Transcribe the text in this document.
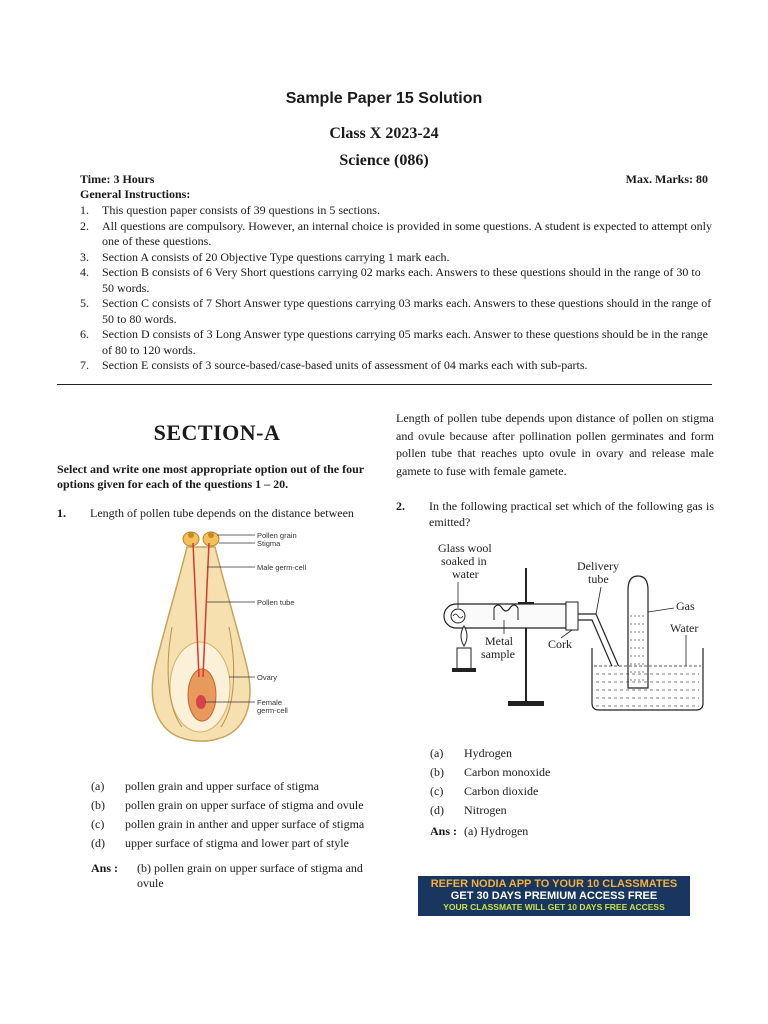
Sample Paper 15 Solution
Class X 2023-24
Science (086)
Time: 3 Hours	Max. Marks: 80
General Instructions:
1. This question paper consists of 39 questions in 5 sections.
2. All questions are compulsory. However, an internal choice is provided in some questions. A student is expected to attempt only one of these questions.
3. Section A consists of 20 Objective Type questions carrying 1 mark each.
4. Section B consists of 6 Very Short questions carrying 02 marks each. Answers to these questions should in the range of 30 to 50 words.
5. Section C consists of 7 Short Answer type questions carrying 03 marks each. Answers to these questions should in the range of 50 to 80 words.
6. Section D consists of 3 Long Answer type questions carrying 05 marks each. Answer to these questions should be in the range of 80 to 120 words.
7. Section E consists of 3 source-based/case-based units of assessment of 04 marks each with sub-parts.
SECTION-A
Select and write one most appropriate option out of the four options given for each of the questions 1 – 20.
1. Length of pollen tube depends on the distance between
Pollen grain
Stigma
Male germ-cell
Pollen tube
Ovary
Female
germ-cell
(a) pollen grain and upper surface of stigma
(b) pollen grain on upper surface of stigma and ovule
(c) pollen grain in anther and upper surface of stigma
(d) upper surface of stigma and lower part of style
Ans : (b) pollen grain on upper surface of stigma and ovule
Length of pollen tube depends upon distance of pollen on stigma and ovule because after pollination pollen germinates and form pollen tube that reaches upto ovule in ovary and release male gamete to fuse with female gamete.
2. In the following practical set which of the following gas is emitted?
Glass wool
soaked in
water
Delivery
tube
Gas
Water
Metal
sample
Cork
(a) Hydrogen
(b) Carbon monoxide
(c) Carbon dioxide
(d) Nitrogen
Ans : (a) Hydrogen
REFER NODIA APP TO YOUR 10 CLASSMATES
GET 30 DAYS PREMIUM ACCESS FREE
YOUR CLASSMATE WILL GET 10 DAYS FREE ACCESS
